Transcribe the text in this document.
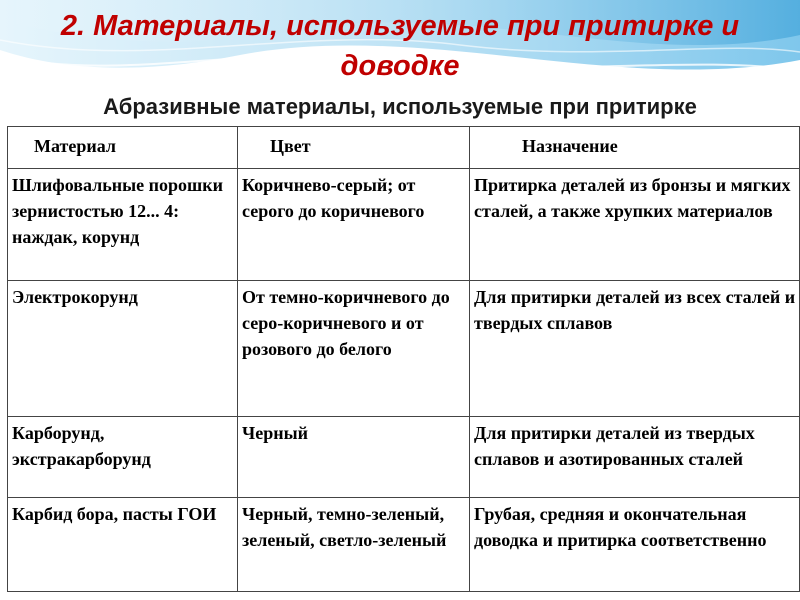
2. Материалы, используемые при притирке и доводке
Абразивные материалы, используемые при притирке
Материал	Цвет	Назначение
Шлифовальные порошки зернистостью 12... 4: наждак, корунд	Коричнево-серый; от серого до коричневого	Притирка деталей из бронзы и мягких сталей, а также хрупких материалов
Электрокорунд	От темно-коричневого до серо-коричневого и от розового до белого	Для притирки деталей из всех сталей и твердых сплавов
Карборунд, экстракарборунд	Черный	Для притирки деталей из твердых сплавов и азотированных сталей
Карбид бора, пасты ГОИ	Черный, темно-зеленый, зеленый, светло-зеленый	Грубая, средняя и окончательная доводка и притирка соответственно
